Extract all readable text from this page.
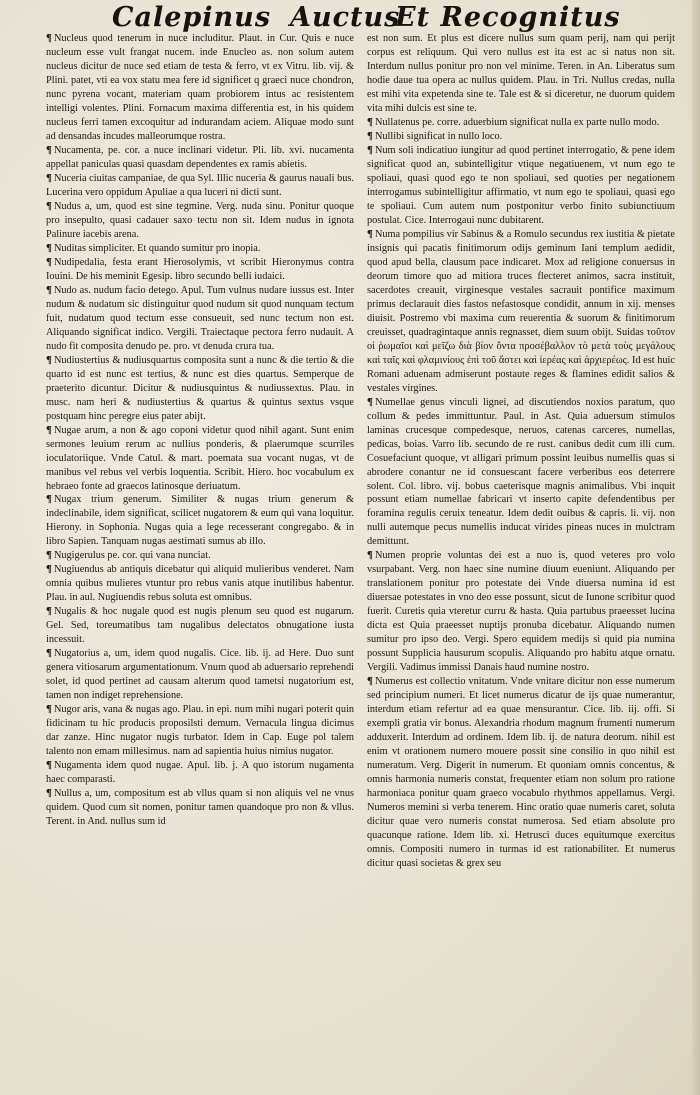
Calepinus Auctus
Et Recognitus

¶ Nucleus quod tenerum in nuce includitur. Plaut. in Cur. Quis e nuce nucleum esse vult frangat nucem. inde Enucleo as. non solum autem nucleus dicitur de nuce sed etiam de testa & ferro, vt ex Vitru. lib. vij. & Plini. patet, vti ea vox statu mea fere id significet q graeci nuce chondron, nunc pyrena vocant, materiam quam probiorem intus ac resistentem intelligi volentes. Plini. Fornacum maxima differentia est, in his quidem nucleus ferri tamen excoquitur ad indurandam aciem. Aliquae modo sunt ad densandas incudes malleorumque rostra.

¶ Nucamenta, pe. cor. a nuce inclinari videtur. Pli. lib. xvi. nucamenta appellat paniculas quasi quasdam dependentes ex ramis abietis.

¶ Nuceria ciuitas campaniae, de qua Syl. Illic nuceria & gaurus nauali bus. Lucerina vero oppidum Apuliae a qua luceri ni dicti sunt.

¶ Nudus a, um, quod est sine tegmine. Verg. nuda sinu. Ponitur quoque pro insepulto, quasi cadauer saxo tectu non sit. Idem nudus in ignota Palinure iacebis arena.

¶ Nuditas simpliciter. Et quando sumitur pro inopia.

¶ Nudipedalia, festa erant Hierosolymis, vt scribit Hieronymus contra Iouini. De his meminit Egesip. libro secundo belli iudaici.

¶ Nudo as. nudum facio detego. Apul. Tum vulnus nudare iussus est. Inter nudum & nudatum sic distinguitur quod nudum sit quod nunquam tectum fuit, nudatum quod tectum esse consueuit, sed nunc tectum non est. Aliquando significat indico. Vergili. Traiectaque pectora ferro nudauit. A nudo fit composita denudo pe. pro. vt denuda crura tua.

¶ Nudiustertius & nudiusquartus composita sunt a nunc & die tertio & die quarto id est nunc est tertius, & nunc est dies quartus. Semperque de praeterito dicuntur. Dicitur & nudiusquintus & nudiussextus. Plau. in musc. nam heri & nudiustertius & quartus & quintus sextus vsque postquam hinc peregre eius pater abijt.

¶ Nugae arum, a non & ago coponi videtur quod nihil agant. Sunt enim sermones leuium rerum ac nullius ponderis, & plaerumque scurriles ioculatoriique. Vnde Catul. & mart. poemata sua vocant nugas, vt de manibus vel rebus vel verbis loquentia. Scribit. Hiero. hoc vocabulum ex hebraeo fonte ad graecos latinosque deriuatum.

¶ Nugax trium generum. Similiter & nugas trium generum & indeclinabile, idem significat, scilicet nugatorem & eum qui vana loquitur. Hierony. in Sophonia. Nugas quia a lege recesserant congregabo. & in libro Sapien. Tanquam nugas aestimati sumus ab illo.

¶ Nugigerulus pe. cor. qui vana nunciat.

¶ Nugiuendus ab antiquis dicebatur qui aliquid mulieribus venderet. Nam omnia quibus mulieres vtuntur pro rebus vanis atque inutilibus habentur. Plau. in aul. Nugiuendis rebus soluta est omnibus.

¶ Nugalis & hoc nugale quod est nugis plenum seu quod est nugarum. Gel. Sed, toreumatibus tam nugalibus delectatos obnugatione iusta incessuit.

¶ Nugatorius a, um, idem quod nugalis. Cice. lib. ij. ad Here. Duo sunt genera vitiosarum argumentationum. Vnum quod ab aduersario reprehendi solet, id quod pertinet ad causam alterum quod tametsi nugatorium est, tamen non indiget reprehensione.

¶ Nugor aris, vana & nugas ago. Plau. in epi. num mihi nugari poterit quin fidicinam tu hic producis proposilsti demum. Vernacula lingua dicimus dar zanze. Hinc nugator nugis turbator. Idem in Cap. Euge pol talem talento non emam millesimus. nam ad sapientia huius nimius nugator.

¶ Nugamenta idem quod nugae. Apul. lib. j. A quo istorum nugamenta haec comparasti.

¶ Nullus a, um, compositum est ab vllus quam si non aliquis vel ne vnus quidem. Quod cum sit nomen, ponitur tamen quandoque pro non & vllus. Terent. in And. nullus sum id

est non sum. Et plus est dicere nullus sum quam perij, nam qui perijt corpus est reliquum. Qui vero nullus est ita est ac si natus non sit. Interdum nullus ponitur pro non vel minime. Teren. in An. Liberatus sum hodie daue tua opera ac nullus quidem. Plau. in Tri. Nullus credas, nulla est mihi vita expetenda sine te. Tale est & si diceretur, ne duorum quidem vita mihi dulcis est sine te.

¶ Nullatenus pe. corre. aduerbium significat nulla ex parte nullo modo.

¶ Nullibi significat in nullo loco.

¶ Num soli indicatiuo iungitur ad quod pertinet interrogatio, & pene idem significat quod an, subintelligitur vtique negatiuenem, vt num ego te spoliaui, quasi quod ego te non spoliaui, sed quoties per negationem interrogamus subintelligitur affirmatio, vt num ego te spoliaui, quasi ego te spoliaui. Cum autem num postponitur verbo finito subiunctiuum postulat. Cice. Interrogaui nunc dubitarent.

¶ Numa pompilius vir Sabinus & a Romulo secundus rex iustitia & pietate insignis qui pacatis finitimorum odijs geminum Iani templum aedidit, quod apud bella, clausum pace indicaret. Mox ad religione conuersus in deorum timore quo ad mitiora truces flecteret animos, sacra instituit, sacerdotes creauit, virginesque vestales sacrauit pontifice maximum primus declarauit dies fastos nefastosque condidit, annum in xij. menses diuisit. Postremo vbi maxima cum reuerentia & suorum & finitimorum creuisset, quadragintaque annis regnasset, diem suum obijt. Suidas τοῦτον οἱ ῥωμαῖοι καὶ μεῖζω διὰ βίον ὄντα προσέβαλλον τὸ μετὰ τοὺς μεγάλους καὶ ταῖς καὶ φλαμινίους ἐπὶ τοῦ ἄστει καὶ ἱερέας καὶ ἀρχιερέως. Id est huic Romani aduenam admiserunt postaute reges & flamines edidit salios & vestales virgines.

¶ Numellae genus vinculi lignei, ad discutiendos noxios paratum, quo collum & pedes immittuntur. Paul. in Ast. Quia aduersum stimulos laminas crucesque compedesque, neruos, catenas carceres, numellas, pedicas, boias. Varro lib. secundo de re rust. canibus dedit cum illi cum. Cosuefaciunt quoque, vt alligari primum possint leuibus numellis quas si abrodere conantur ne id consuescant facere verberibus eos deterrere solent. Col. libro. vij. bobus caeterisque magnis animalibus. Vbi inquit possunt etiam numellae fabricari vt inserto capite defendentibus per foramina regulis ceruix teneatur. Idem dedit ouibus & capris. li. vij. non nulli autemque pecus numellis inducat virides pineas nuces in mulctram demittunt.

¶ Numen proprie voluntas dei est a nuo is, quod veteres pro volo vsurpabant. Verg. non haec sine numine diuum eueniunt. Aliquando per translationem ponitur pro potestate dei Vnde diuersa numina id est diuersae potestates in vno deo esse possunt, sicut de Iunone scribitur quod fuerit. Curetis quia vteretur curru & hasta. Quia partubus praeesset lucina dicta est Quia praeesset nuptijs pronuba dicebatur. Aliquando numen sumitur pro ipso deo. Vergi. Spero equidem medijs si quid pia numina possunt Supplicia hausurum scopulis. Aliquando pro habitu atque ornatu. Vergili. Vadimus immissi Danais haud numine nostro.

¶ Numerus est collectio vnitatum. Vnde vnitare dicitur non esse numerum sed principium numeri. Et licet numerus dicatur de ijs quae numerantur, interdum etiam refertur ad ea quae mensurantur. Cice. lib. iij. offi. Si exempli gratia vir bonus. Alexandria rhodum magnum frumenti numerum adduxerit. Interdum ad ordinem. Idem lib. ij. de natura deorum. nihil est enim vt orationem numero mouere possit sine consilio in quo nihil est numeratum. Verg. Digerit in numerum. Et quoniam omnis concentus, & omnis harmonia numeris constat, frequenter etiam non solum pro ratione harmoniaca ponitur quam graeco vocabulo rhythmos appellamus. Vergi. Numeros memini si verba tenerem. Hinc oratio quae numeris caret, soluta dicitur quae vero numeris constat numerosa. Sed etiam absolute pro quacunque ratione. Idem lib. xi. Hetrusci duces equitumque exercitus omnis. Compositi numero in turmas id est rationabiliter. Et numerus dicitur quasi societas & grex seu
